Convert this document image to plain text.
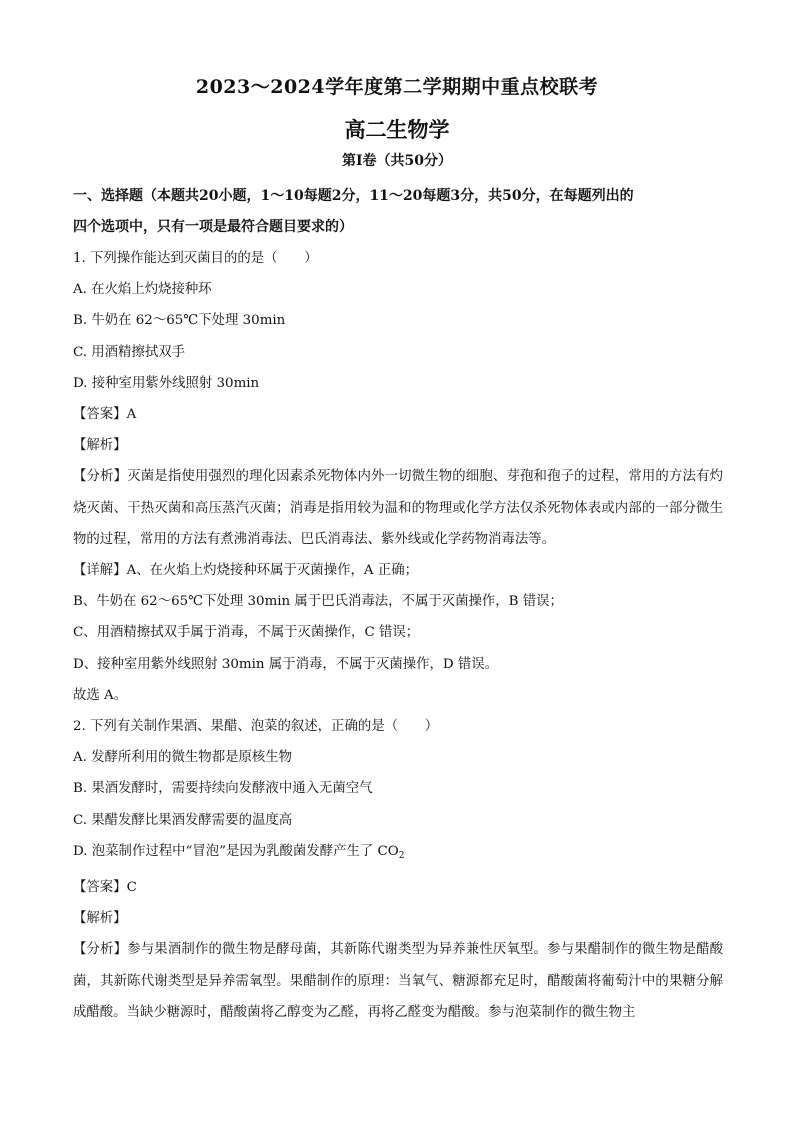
2023～2024学年度第二学期期中重点校联考
高二生物学
第Ⅰ卷（共50分）
一、选择题（本题共20小题，1～10每题2分，11～20每题3分，共50分，在每题列出的
四个选项中，只有一项是最符合题目要求的）
1. 下列操作能达到灭菌目的的是（　　）
A. 在火焰上灼烧接种环
B. 牛奶在 62～65℃下处理 30min
C. 用酒精擦拭双手
D. 接种室用紫外线照射 30min
【答案】A
【解析】
【分析】灭菌是指使用强烈的理化因素杀死物体内外一切微生物的细胞、芽孢和孢子的过程，常用的方法有灼烧灭菌、干热灭菌和高压蒸汽灭菌；消毒是指用较为温和的物理或化学方法仅杀死物体表或内部的一部分微生物的过程，常用的方法有煮沸消毒法、巴氏消毒法、紫外线或化学药物消毒法等。
【详解】A、在火焰上灼烧接种环属于灭菌操作，A 正确；
B、牛奶在 62～65℃下处理 30min 属于巴氏消毒法，不属于灭菌操作，B 错误；
C、用酒精擦拭双手属于消毒，不属于灭菌操作，C 错误；
D、接种室用紫外线照射 30min 属于消毒，不属于灭菌操作，D 错误。
故选 A。
2. 下列有关制作果酒、果醋、泡菜的叙述，正确的是（　　）
A. 发酵所利用的微生物都是原核生物
B. 果酒发酵时，需要持续向发酵液中通入无菌空气
C. 果醋发酵比果酒发酵需要的温度高
D. 泡菜制作过程中“冒泡”是因为乳酸菌发酵产生了 $CO_2$
【答案】C
【解析】
【分析】参与果酒制作的微生物是酵母菌，其新陈代谢类型为异养兼性厌氧型。参与果醋制作的微生物是醋酸菌，其新陈代谢类型是异养需氧型。果醋制作的原理：当氧气、糖源都充足时，醋酸菌将葡萄汁中的果糖分解成醋酸。当缺少糖源时，醋酸菌将乙醇变为乙醛，再将乙醛变为醋酸。参与泡菜制作的微生物主
